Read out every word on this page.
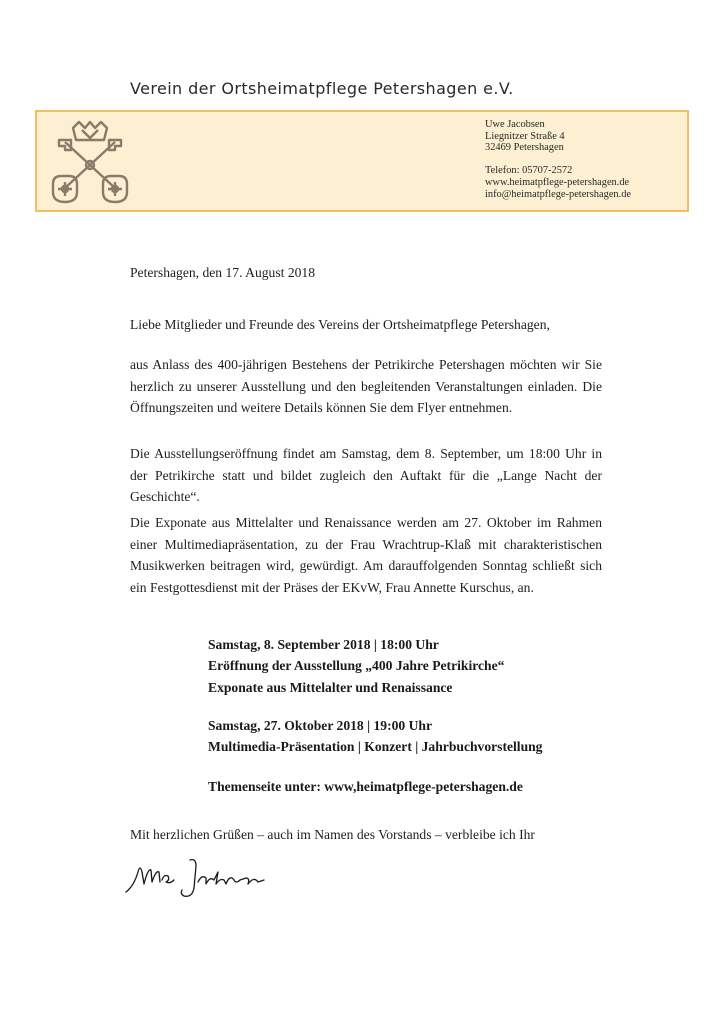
Verein der Ortsheimatpflege Petershagen e.V.
Uwe Jacobsen
Liegnitzer Straße 4
32469 Petershagen
Telefon: 05707-2572
www.heimatpflege-petershagen.de
info@heimatpflege-petershagen.de
Petershagen, den 17. August 2018
Liebe Mitglieder und Freunde des Vereins der Ortsheimatpflege Petershagen,
aus Anlass des 400-jährigen Bestehens der Petrikirche Petershagen möchten wir Sie herzlich zu unserer Ausstellung und den begleitenden Veranstaltungen einladen. Die Öffnungszeiten und weitere Details können Sie dem Flyer entnehmen.
Die Ausstellungseröffnung findet am Samstag, dem 8. September, um 18:00 Uhr in der Petrikirche statt und bildet zugleich den Auftakt für die „Lange Nacht der Geschichte“.
Die Exponate aus Mittelalter und Renaissance werden am 27. Oktober im Rahmen einer Multimediapräsentation, zu der Frau Wrachtrup-Klaß mit charakteristischen Musikwerken beitragen wird, gewürdigt. Am darauffolgenden Sonntag schließt sich ein Festgottesdienst mit der Präses der EKvW, Frau Annette Kurschus, an.
Samstag, 8. September 2018 | 18:00 Uhr
Eröffnung der Ausstellung „400 Jahre Petrikirche“
Exponate aus Mittelalter und Renaissance
Samstag, 27. Oktober 2018 | 19:00 Uhr
Multimedia-Präsentation | Konzert | Jahrbuchvorstellung
Themenseite unter: www,heimatpflege-petershagen.de
Mit herzlichen Grüßen – auch im Namen des Vorstands – verbleibe ich Ihr
